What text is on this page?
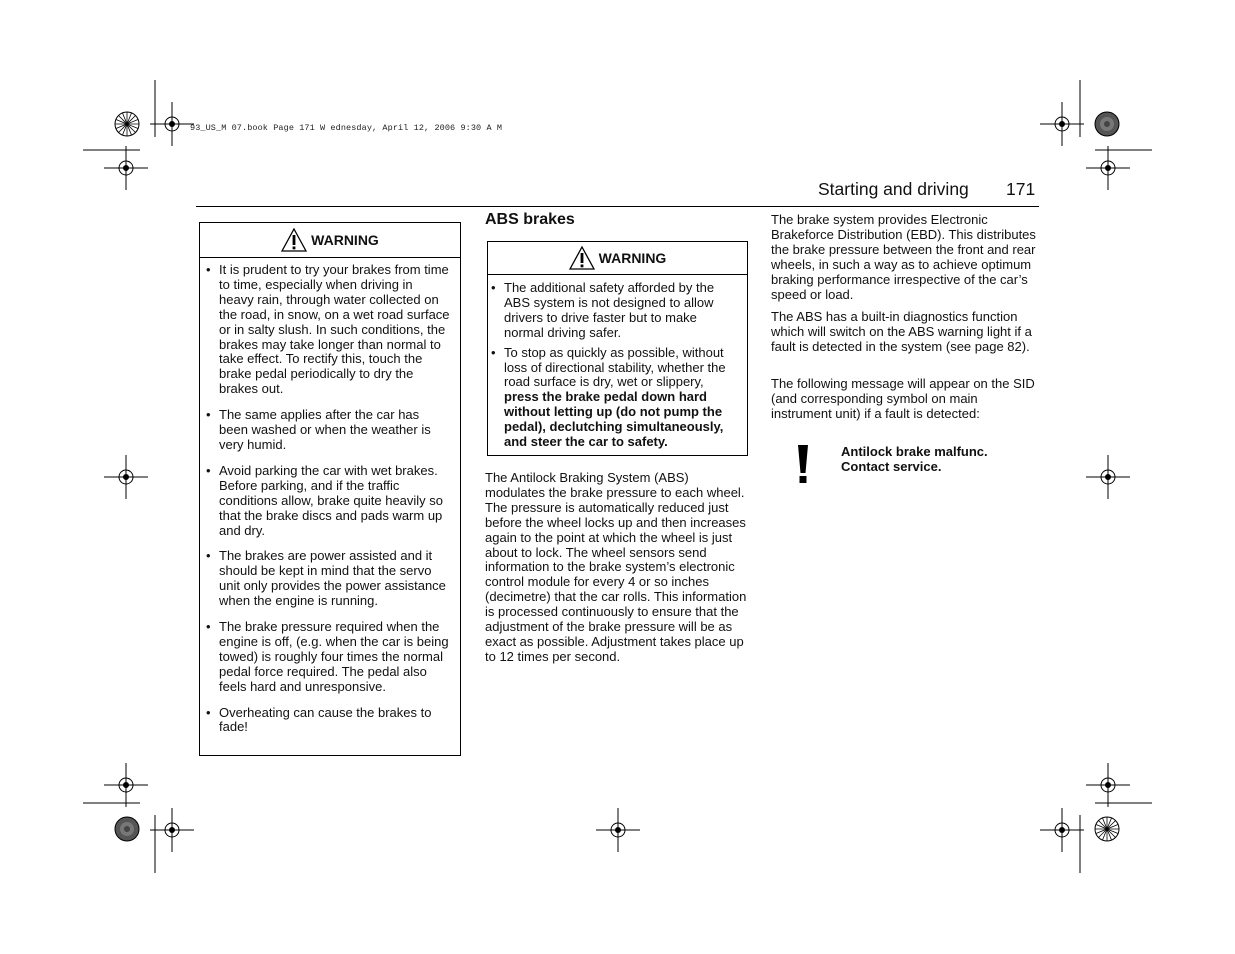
93_US_M 07.book Page 171 W ednesday, April 12, 2006 9:30 A M
Starting and driving 171
WARNING
• It is prudent to try your brakes from time to time, especially when driving in heavy rain, through water collected on the road, in snow, on a wet road surface or in salty slush. In such conditions, the brakes may take longer than normal to take effect. To rectify this, touch the brake pedal periodically to dry the brakes out.
• The same applies after the car has been washed or when the weather is very humid.
• Avoid parking the car with wet brakes. Before parking, and if the traffic conditions allow, brake quite heavily so that the brake discs and pads warm up and dry.
• The brakes are power assisted and it should be kept in mind that the servo unit only provides the power assistance when the engine is running.
• The brake pressure required when the engine is off, (e.g. when the car is being towed) is roughly four times the normal pedal force required. The pedal also feels hard and unresponsive.
• Overheating can cause the brakes to fade!
ABS brakes
WARNING
• The additional safety afforded by the ABS system is not designed to allow drivers to drive faster but to make normal driving safer.
• To stop as quickly as possible, without loss of directional stability, whether the road surface is dry, wet or slippery, press the brake pedal down hard without letting up (do not pump the pedal), declutching simultaneously, and steer the car to safety.
The Antilock Braking System (ABS) modulates the brake pressure to each wheel. The pressure is automatically reduced just before the wheel locks up and then increases again to the point at which the wheel is just about to lock. The wheel sensors send information to the brake system’s electronic control module for every 4 or so inches (decimetre) that the car rolls. This information is processed continuously to ensure that the adjustment of the brake pressure will be as exact as possible. Adjustment takes place up to 12 times per second.
The brake system provides Electronic Brakeforce Distribution (EBD). This distributes the brake pressure between the front and rear wheels, in such a way as to achieve optimum braking performance irrespective of the car’s speed or load.
The ABS has a built-in diagnostics function which will switch on the ABS warning light if a fault is detected in the system (see page 82).
The following message will appear on the SID (and corresponding symbol on main instrument unit) if a fault is detected:
Antilock brake malfunc.
Contact service.
